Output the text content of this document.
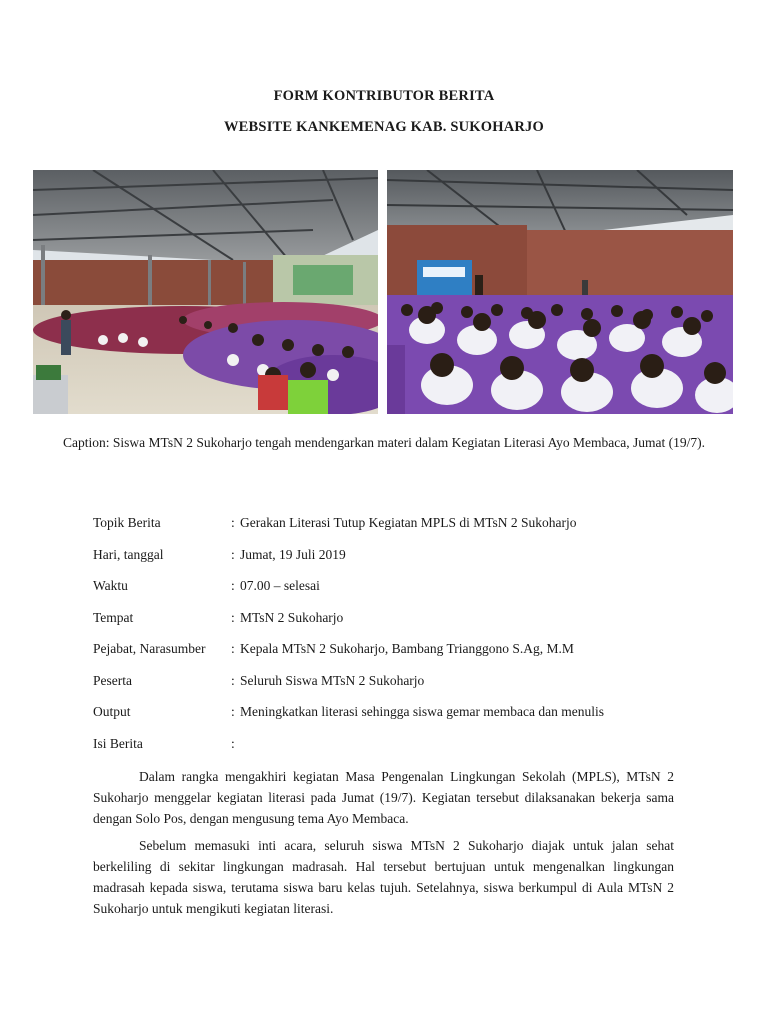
FORM KONTRIBUTOR BERITA
WEBSITE KANKEMENAG KAB. SUKOHARJO
Caption: Siswa MTsN 2 Sukoharjo tengah mendengarkan materi dalam Kegiatan Literasi Ayo Membaca, Jumat (19/7).
Topik Berita	: Gerakan Literasi Tutup Kegiatan MPLS di MTsN 2 Sukoharjo
Hari, tanggal	: Jumat, 19 Juli 2019
Waktu	: 07.00 – selesai
Tempat	: MTsN 2 Sukoharjo
Pejabat, Narasumber : Kepala MTsN 2 Sukoharjo, Bambang Trianggono S.Ag, M.M
Peserta	: Seluruh Siswa MTsN 2 Sukoharjo
Output	: Meningkatkan literasi sehingga siswa gemar membaca dan menulis
Isi Berita	:

Dalam rangka mengakhiri kegiatan Masa Pengenalan Lingkungan Sekolah (MPLS), MTsN 2 Sukoharjo menggelar kegiatan literasi pada Jumat (19/7). Kegiatan tersebut dilaksanakan bekerja sama dengan Solo Pos, dengan mengusung tema Ayo Membaca.

Sebelum memasuki inti acara, seluruh siswa MTsN 2 Sukoharjo diajak untuk jalan sehat berkeliling di sekitar lingkungan madrasah. Hal tersebut bertujuan untuk mengenalkan lingkungan madrasah kepada siswa, terutama siswa baru kelas tujuh. Setelahnya, siswa berkumpul di Aula MTsN 2 Sukoharjo untuk mengikuti kegiatan literasi.
